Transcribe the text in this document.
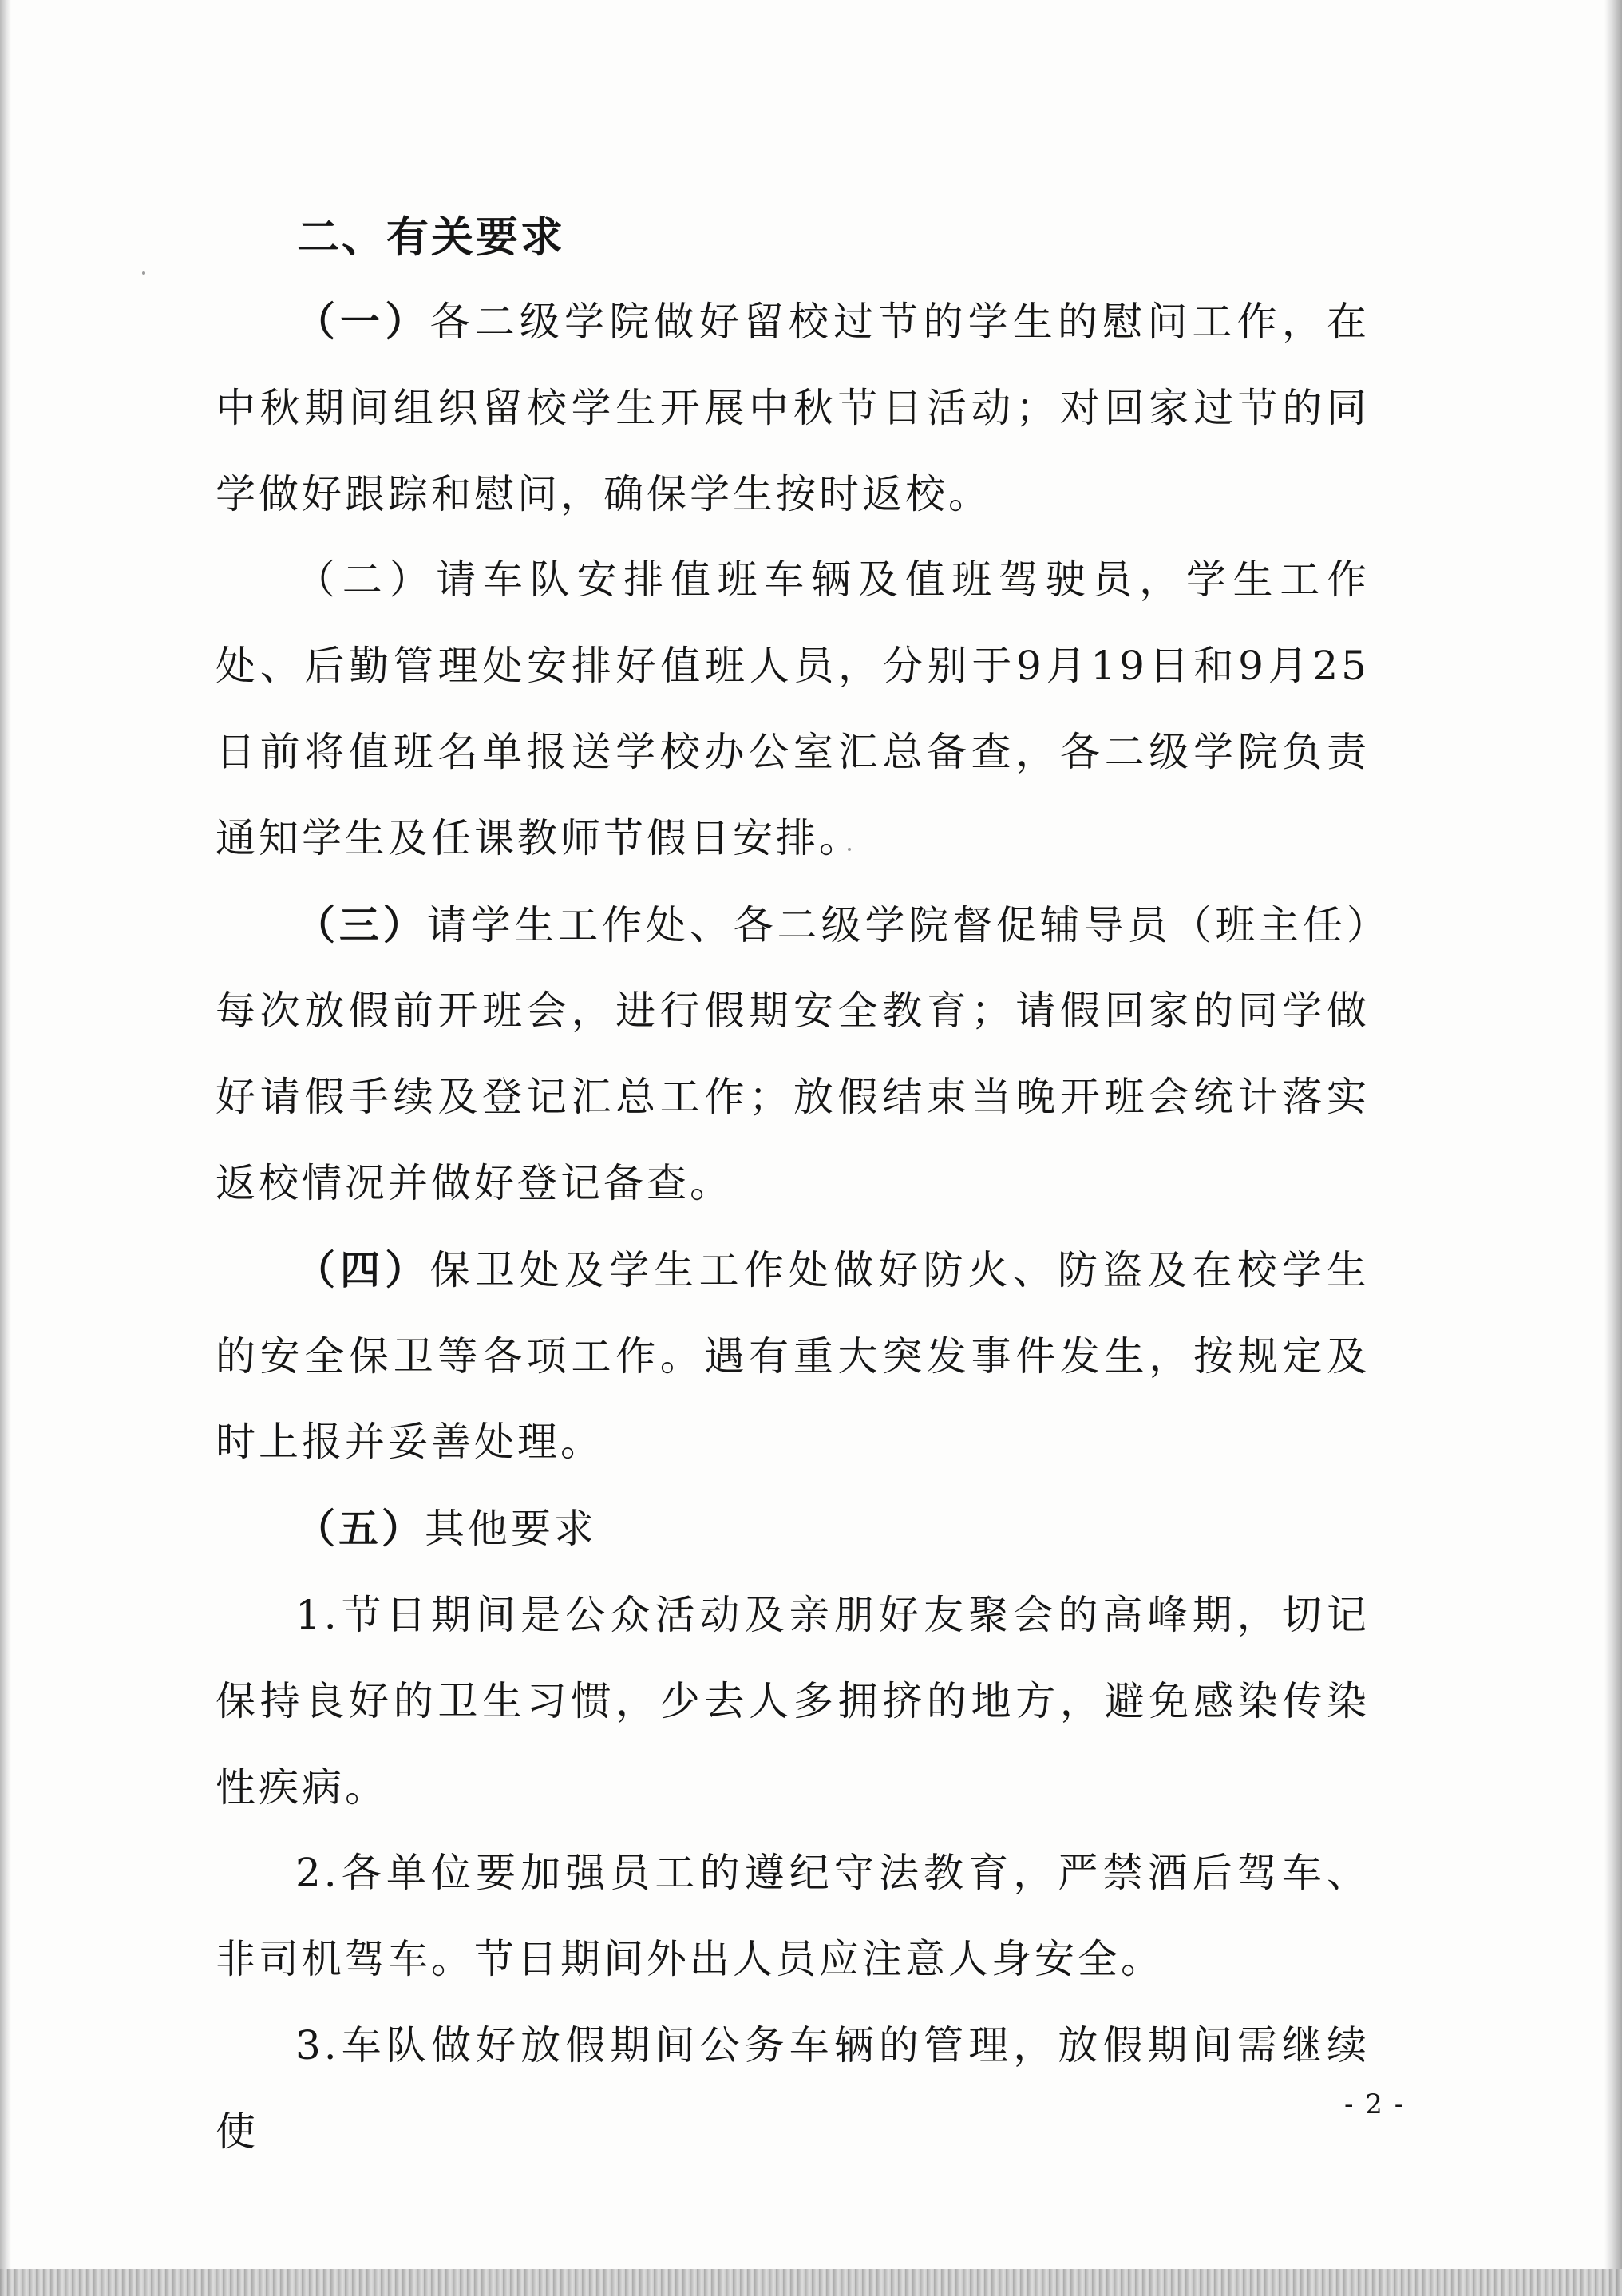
二、有关要求

（一）各二级学院做好留校过节的学生的慰问工作，在中秋期间组织留校学生开展中秋节日活动；对回家过节的同学做好跟踪和慰问，确保学生按时返校。

（二）请车队安排值班车辆及值班驾驶员，学生工作处、后勤管理处安排好值班人员，分别于9月19日和9月25日前将值班名单报送学校办公室汇总备查，各二级学院负责通知学生及任课教师节假日安排。

（三）请学生工作处、各二级学院督促辅导员（班主任）每次放假前开班会，进行假期安全教育；请假回家的同学做好请假手续及登记汇总工作；放假结束当晚开班会统计落实返校情况并做好登记备查。

（四）保卫处及学生工作处做好防火、防盗及在校学生的安全保卫等各项工作。遇有重大突发事件发生，按规定及时上报并妥善处理。

（五）其他要求

1.节日期间是公众活动及亲朋好友聚会的高峰期，切记保持良好的卫生习惯，少去人多拥挤的地方，避免感染传染性疾病。

2.各单位要加强员工的遵纪守法教育，严禁酒后驾车、非司机驾车。节日期间外出人员应注意人身安全。

3.车队做好放假期间公务车辆的管理，放假期间需继续使

- 2 -
